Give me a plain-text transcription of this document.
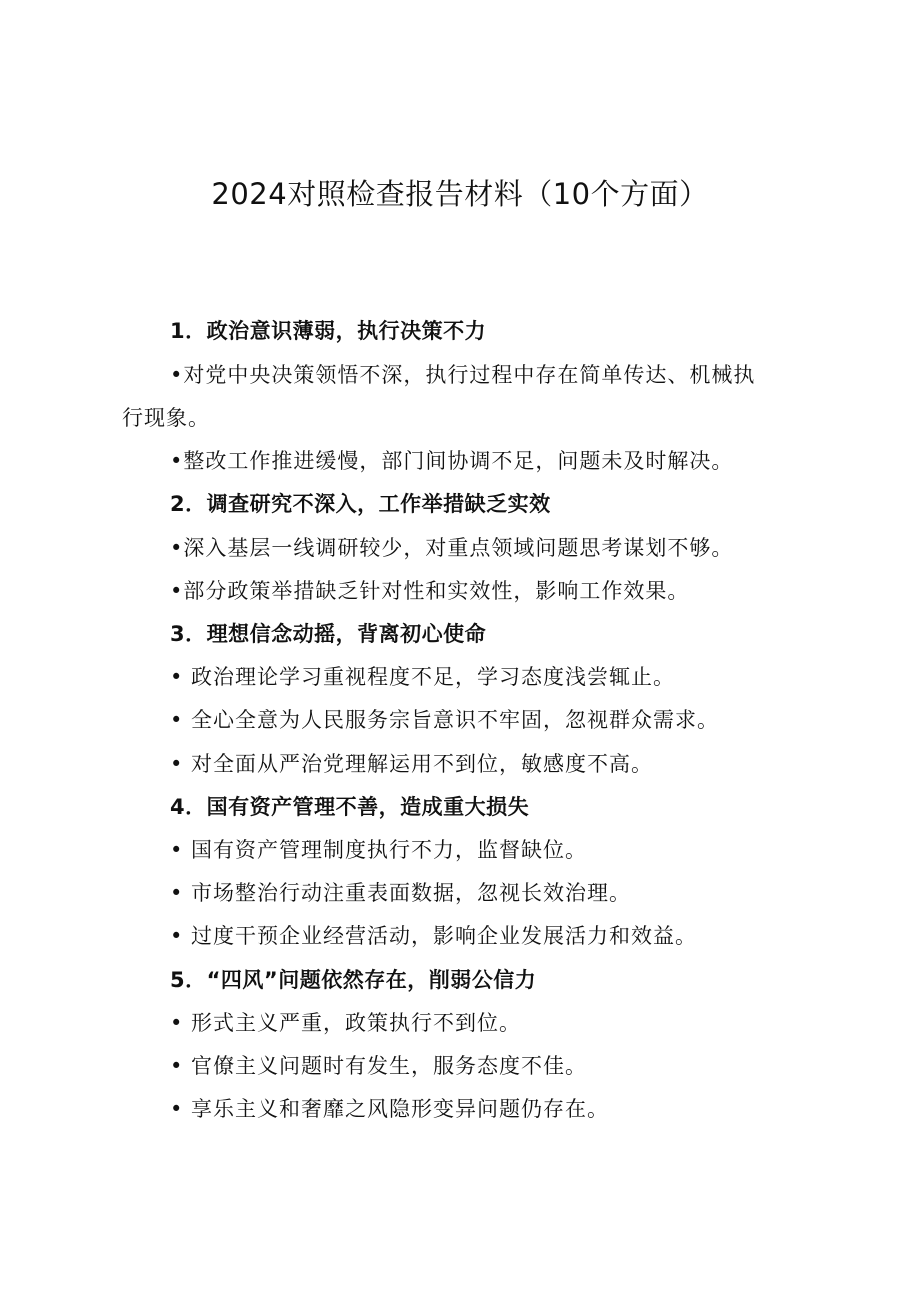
2024对照检查报告材料（10个方面）

1．政治意识薄弱，执行决策不力

•对党中央决策领悟不深，执行过程中存在简单传达、机械执

行现象。

•整改工作推进缓慢，部门间协调不足，问题未及时解决。

2．调查研究不深入，工作举措缺乏实效

•深入基层一线调研较少，对重点领域问题思考谋划不够。

•部分政策举措缺乏针对性和实效性，影响工作效果。

3．理想信念动摇，背离初心使命

• 政治理论学习重视程度不足，学习态度浅尝辄止。

• 全心全意为人民服务宗旨意识不牢固，忽视群众需求。

• 对全面从严治党理解运用不到位，敏感度不高。

4．国有资产管理不善，造成重大损失

• 国有资产管理制度执行不力，监督缺位。

• 市场整治行动注重表面数据，忽视长效治理。

• 过度干预企业经营活动，影响企业发展活力和效益。

5．“四风”问题依然存在，削弱公信力

• 形式主义严重，政策执行不到位。

• 官僚主义问题时有发生，服务态度不佳。

• 享乐主义和奢靡之风隐形变异问题仍存在。
